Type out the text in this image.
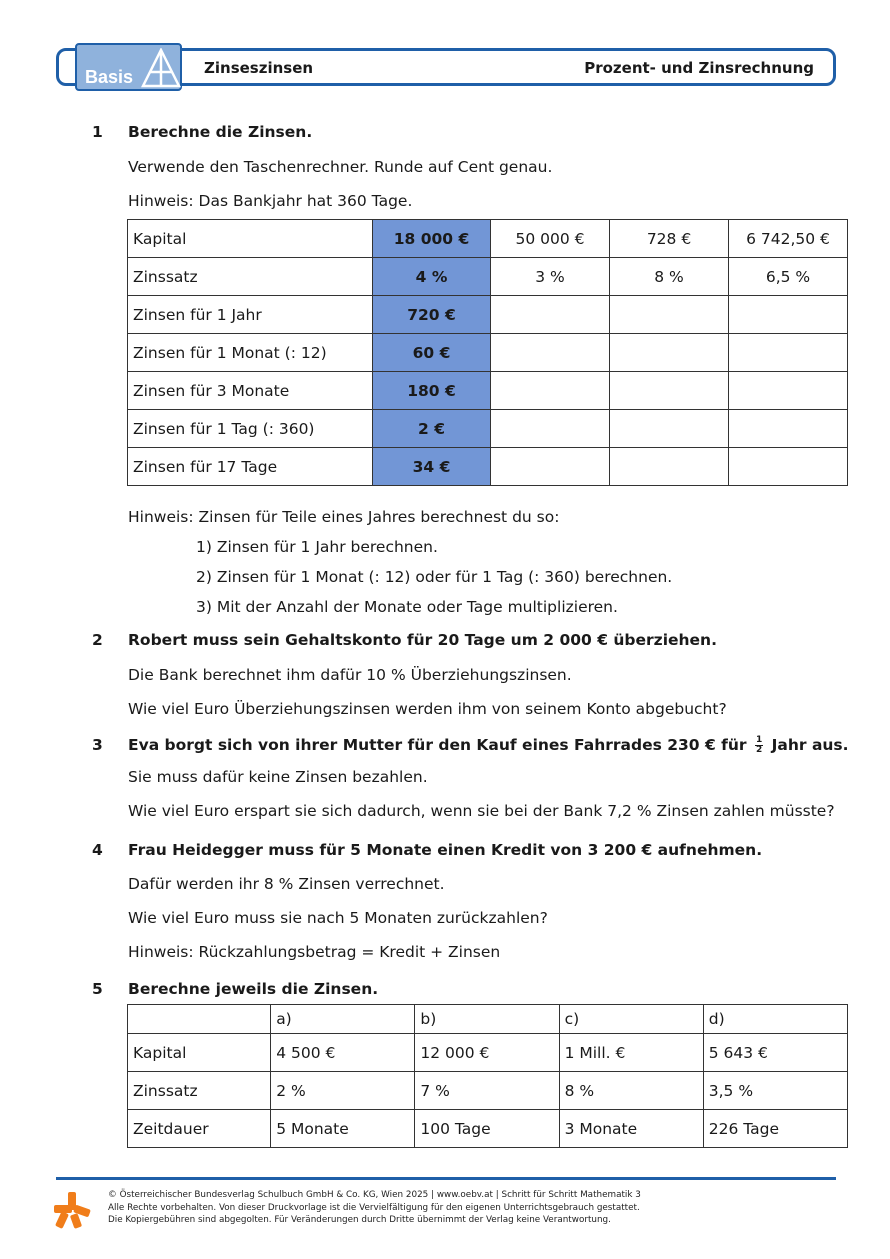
Basis	Zinseszinsen	Prozent- und Zinsrechnung
1 Berechne die Zinsen.
Verwende den Taschenrechner. Runde auf Cent genau.
Hinweis: Das Bankjahr hat 360 Tage.
Kapital	18 000 €	50 000 €	728 €	6 742,50 €
Zinssatz	4 %	3 %	8 %	6,5 %
Zinsen für 1 Jahr	720 €			
Zinsen für 1 Monat (: 12)	60 €			
Zinsen für 3 Monate	180 €			
Zinsen für 1 Tag (: 360)	2 €			
Zinsen für 17 Tage	34 €			
Hinweis: Zinsen für Teile eines Jahres berechnest du so:
1) Zinsen für 1 Jahr berechnen.
2) Zinsen für 1 Monat (: 12) oder für 1 Tag (: 360) berechnen.
3) Mit der Anzahl der Monate oder Tage multiplizieren.
2 Robert muss sein Gehaltskonto für 20 Tage um 2 000 € überziehen.
Die Bank berechnet ihm dafür 10 % Überziehungszinsen.
Wie viel Euro Überziehungszinsen werden ihm von seinem Konto abgebucht?
3 Eva borgt sich von ihrer Mutter für den Kauf eines Fahrrades 230 € für $\frac{1}{2}$ Jahr aus.
Sie muss dafür keine Zinsen bezahlen.
Wie viel Euro erspart sie sich dadurch, wenn sie bei der Bank 7,2 % Zinsen zahlen müsste?
4 Frau Heidegger muss für 5 Monate einen Kredit von 3 200 € aufnehmen.
Dafür werden ihr 8 % Zinsen verrechnet.
Wie viel Euro muss sie nach 5 Monaten zurückzahlen?
Hinweis: Rückzahlungsbetrag = Kredit + Zinsen
5 Berechne jeweils die Zinsen.
	a)	b)	c)	d)
Kapital	4 500 €	12 000 €	1 Mill. €	5 643 €
Zinssatz	2 %	7 %	8 %	3,5 %
Zeitdauer	5 Monate	100 Tage	3 Monate	226 Tage
© Österreichischer Bundesverlag Schulbuch GmbH & Co. KG, Wien 2025 | www.oebv.at | Schritt für Schritt Mathematik 3
Alle Rechte vorbehalten. Von dieser Druckvorlage ist die Vervielfältigung für den eigenen Unterrichtsgebrauch gestattet.
Die Kopiergebühren sind abgegolten. Für Veränderungen durch Dritte übernimmt der Verlag keine Verantwortung.
